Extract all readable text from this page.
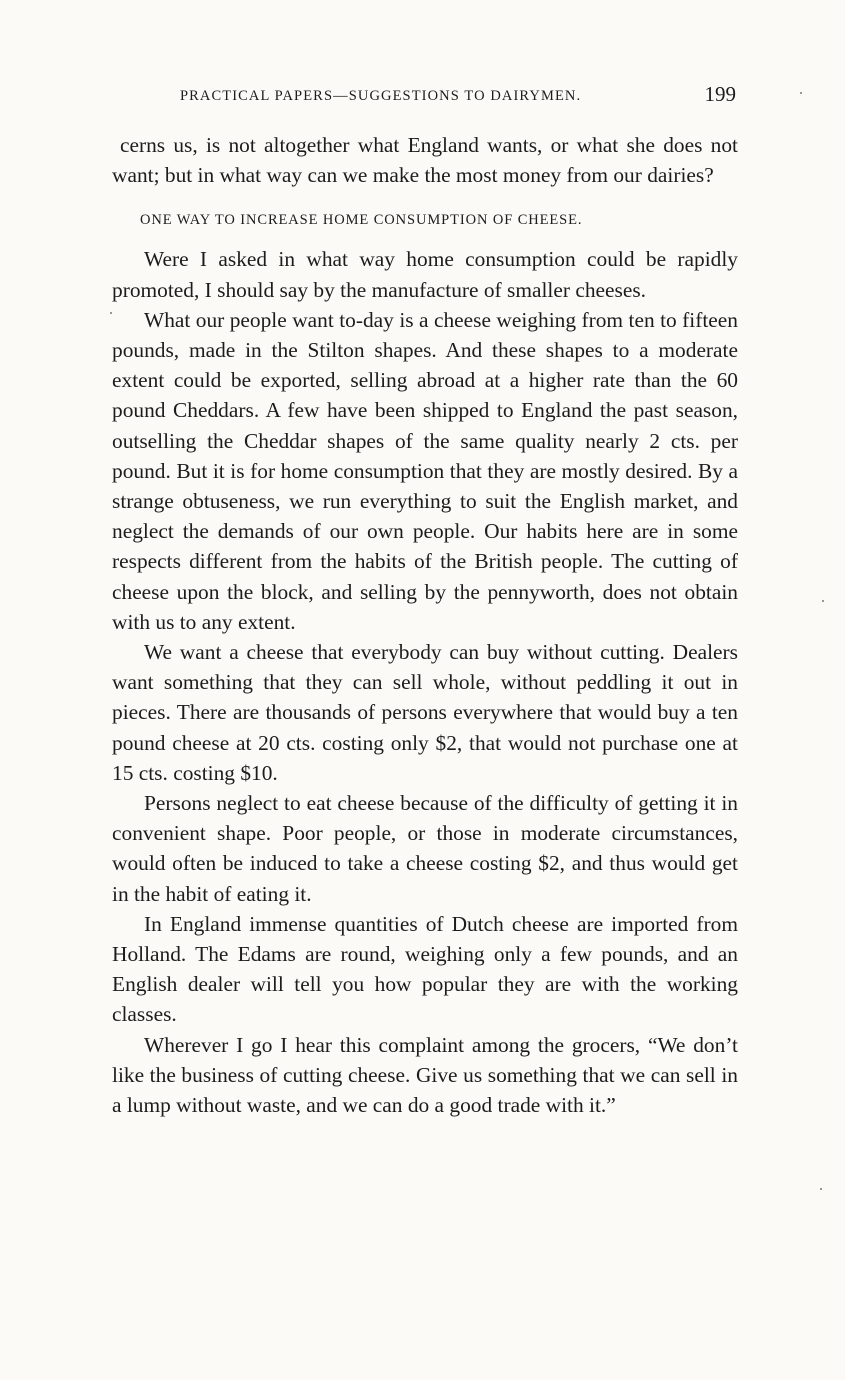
PRACTICAL PAPERS—SUGGESTIONS TO DAIRYMEN.	199

cerns us, is not altogether what England wants, or what she does not want; but in what way can we make the most money from our dairies?

ONE WAY TO INCREASE HOME CONSUMPTION OF CHEESE.

Were I asked in what way home consumption could be rapidly promoted, I should say by the manufacture of smaller cheeses.

What our people want to-day is a cheese weighing from ten to fifteen pounds, made in the Stilton shapes. And these shapes to a moderate extent could be exported, selling abroad at a higher rate than the 60 pound Cheddars. A few have been shipped to England the past season, outselling the Cheddar shapes of the same quality nearly 2 cts. per pound. But it is for home consumption that they are mostly desired. By a strange obtuseness, we run everything to suit the English market, and neglect the demands of our own people. Our habits here are in some respects different from the habits of the British people. The cutting of cheese upon the block, and selling by the pennyworth, does not obtain with us to any extent.

We want a cheese that everybody can buy without cutting. Dealers want something that they can sell whole, without peddling it out in pieces. There are thousands of persons everywhere that would buy a ten pound cheese at 20 cts. costing only $2, that would not purchase one at 15 cts. costing $10.

Persons neglect to eat cheese because of the difficulty of getting it in convenient shape. Poor people, or those in moderate circumstances, would often be induced to take a cheese costing $2, and thus would get in the habit of eating it.

In England immense quantities of Dutch cheese are imported from Holland. The Edams are round, weighing only a few pounds, and an English dealer will tell you how popular they are with the working classes.

Wherever I go I hear this complaint among the grocers, “We don’t like the business of cutting cheese. Give us something that we can sell in a lump without waste, and we can do a good trade with it.”
